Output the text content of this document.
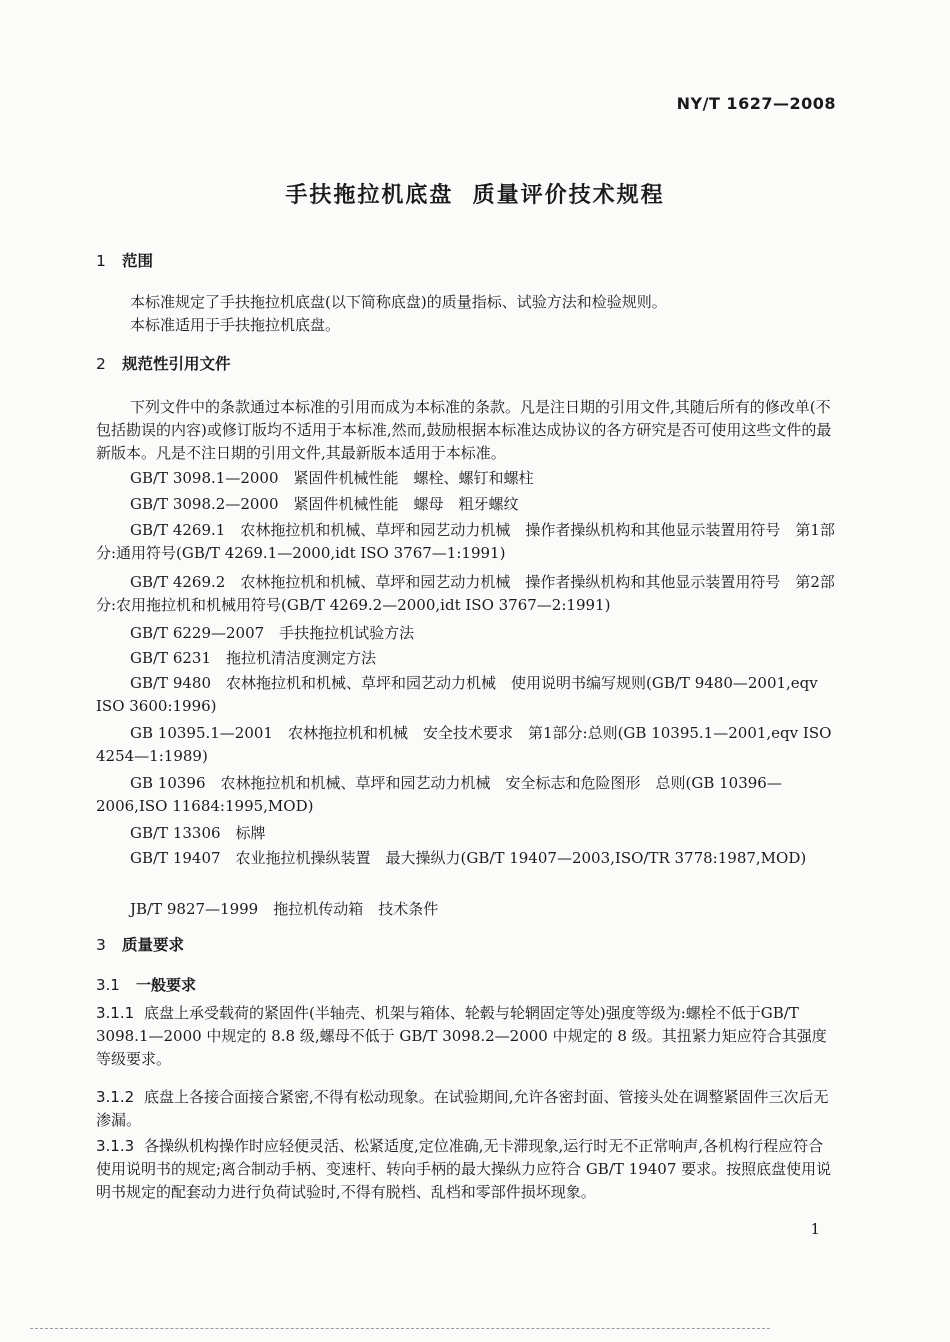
NY/T 1627—2008
手扶拖拉机底盘  质量评价技术规程
1 范围
本标准规定了手扶拖拉机底盘(以下简称底盘)的质量指标、试验方法和检验规则。
本标准适用于手扶拖拉机底盘。
2 规范性引用文件
下列文件中的条款通过本标准的引用而成为本标准的条款。凡是注日期的引用文件,其随后所有的修改单(不包括勘误的内容)或修订版均不适用于本标准,然而,鼓励根据本标准达成协议的各方研究是否可使用这些文件的最新版本。凡是不注日期的引用文件,其最新版本适用于本标准。
GB/T 3098.1—2000　紧固件机械性能　螺栓、螺钉和螺柱
GB/T 3098.2—2000　紧固件机械性能　螺母　粗牙螺纹
GB/T 4269.1　农林拖拉机和机械、草坪和园艺动力机械　操作者操纵机构和其他显示装置用符号　第1部分:通用符号(GB/T 4269.1—2000,idt ISO 3767—1:1991)
GB/T 4269.2　农林拖拉机和机械、草坪和园艺动力机械　操作者操纵机构和其他显示装置用符号　第2部分:农用拖拉机和机械用符号(GB/T 4269.2—2000,idt ISO 3767—2:1991)
GB/T 6229—2007　手扶拖拉机试验方法
GB/T 6231　拖拉机清洁度测定方法
GB/T 9480　农林拖拉机和机械、草坪和园艺动力机械　使用说明书编写规则(GB/T 9480—2001,eqv ISO 3600:1996)
GB 10395.1—2001　农林拖拉机和机械　安全技术要求　第1部分:总则(GB 10395.1—2001,eqv ISO 4254—1:1989)
GB 10396　农林拖拉机和机械、草坪和园艺动力机械　安全标志和危险图形　总则(GB 10396—2006,ISO 11684:1995,MOD)
GB/T 13306　标牌
GB/T 19407　农业拖拉机操纵装置　最大操纵力(GB/T 19407—2003,ISO/TR 3778:1987,MOD)
JB/T 9827—1999　拖拉机传动箱　技术条件
3 质量要求
3.1 一般要求
3.1.1 底盘上承受载荷的紧固件(半轴壳、机架与箱体、轮毂与轮辋固定等处)强度等级为:螺栓不低于GB/T 3098.1—2000 中规定的 8.8 级,螺母不低于 GB/T 3098.2—2000 中规定的 8 级。其扭紧力矩应符合其强度等级要求。
3.1.2 底盘上各接合面接合紧密,不得有松动现象。在试验期间,允许各密封面、管接头处在调整紧固件三次后无渗漏。
3.1.3 各操纵机构操作时应轻便灵活、松紧适度,定位准确,无卡滞现象,运行时无不正常响声,各机构行程应符合使用说明书的规定;离合制动手柄、变速杆、转向手柄的最大操纵力应符合 GB/T 19407 要求。按照底盘使用说明书规定的配套动力进行负荷试验时,不得有脱档、乱档和零部件损坏现象。
1
